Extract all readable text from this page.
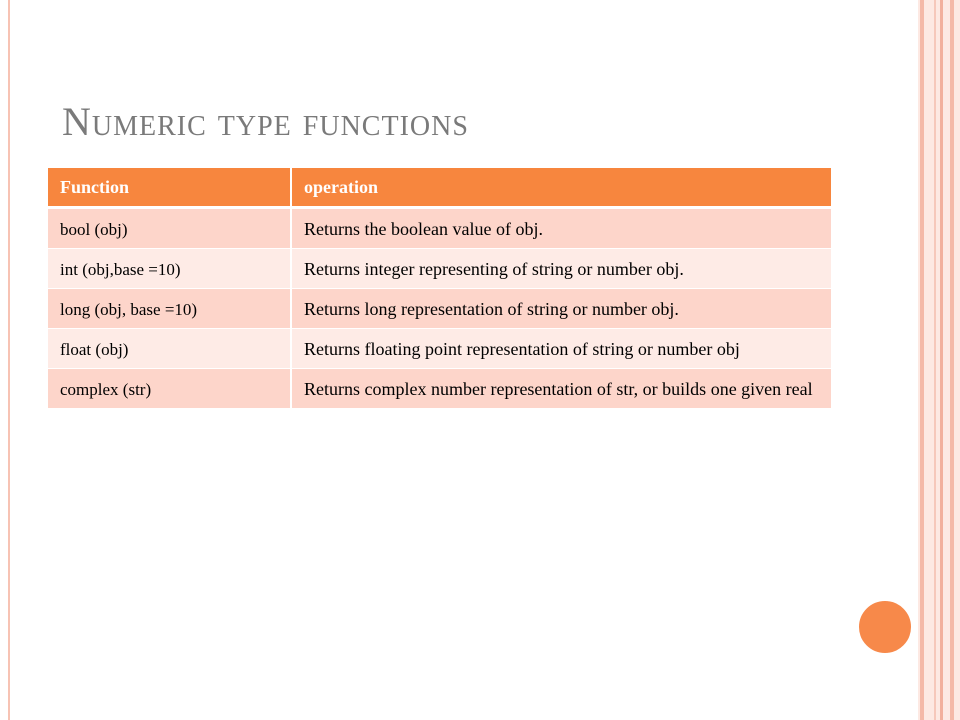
Numeric type functions
Function	operation
bool (obj)	Returns the boolean value of obj.
int (obj,base =10)	Returns integer representing of string or number obj.
long (obj, base =10)	Returns long representation of string or number obj.
float (obj)	Returns floating point representation of string or number obj
complex (str)	Returns complex number representation of str, or builds one given real
